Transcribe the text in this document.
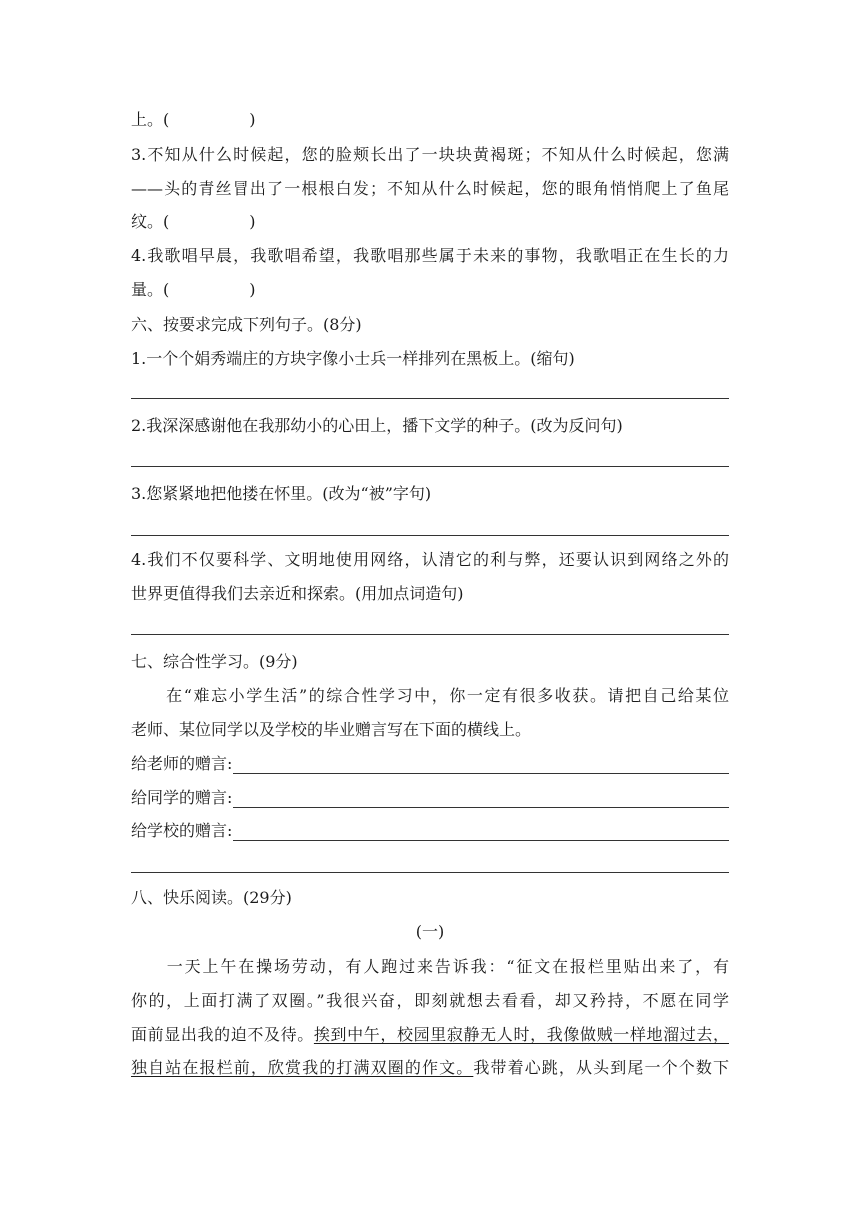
上。(　　　　　)
3.不知从什么时候起，您的脸颊长出了一块块黄褐斑；不知从什么时候起，您满
——头的青丝冒出了一根根白发；不知从什么时候起，您的眼角悄悄爬上了鱼尾
纹。(　　　　　)
4.我歌唱早晨，我歌唱希望，我歌唱那些属于未来的事物，我歌唱正在生长的力
量。(　　　　　)
六、按要求完成下列句子。(8分)
1.一个个娟秀端庄的方块字像小士兵一样排列在黑板上。(缩句)
2.我深深感谢他在我那幼小的心田上，播下文学的种子。(改为反问句)
3.您紧紧地把他搂在怀里。(改为“被”字句)
4.我们不仅要科学、文明地使用网络，认清它的利与弊，还要认识到网络之外的
世界更值得我们去亲近和探索。(用加点词造句)
七、综合性学习。(9分)
　　在“难忘小学生活”的综合性学习中，你一定有很多收获。请把自己给某位
老师、某位同学以及学校的毕业赠言写在下面的横线上。
给老师的赠言:
给同学的赠言:
给学校的赠言:
八、快乐阅读。(29分)
(一)
　　一天上午在操场劳动，有人跑过来告诉我：“征文在报栏里贴出来了，有
你的，上面打满了双圈。”我很兴奋，即刻就想去看看，却又矜持，不愿在同学
面前显出我的迫不及待。挨到中午，校园里寂静无人时，我像做贼一样地溜过去，
独自站在报栏前，欣赏我的打满双圈的作文。我带着心跳，从头到尾一个个数下
